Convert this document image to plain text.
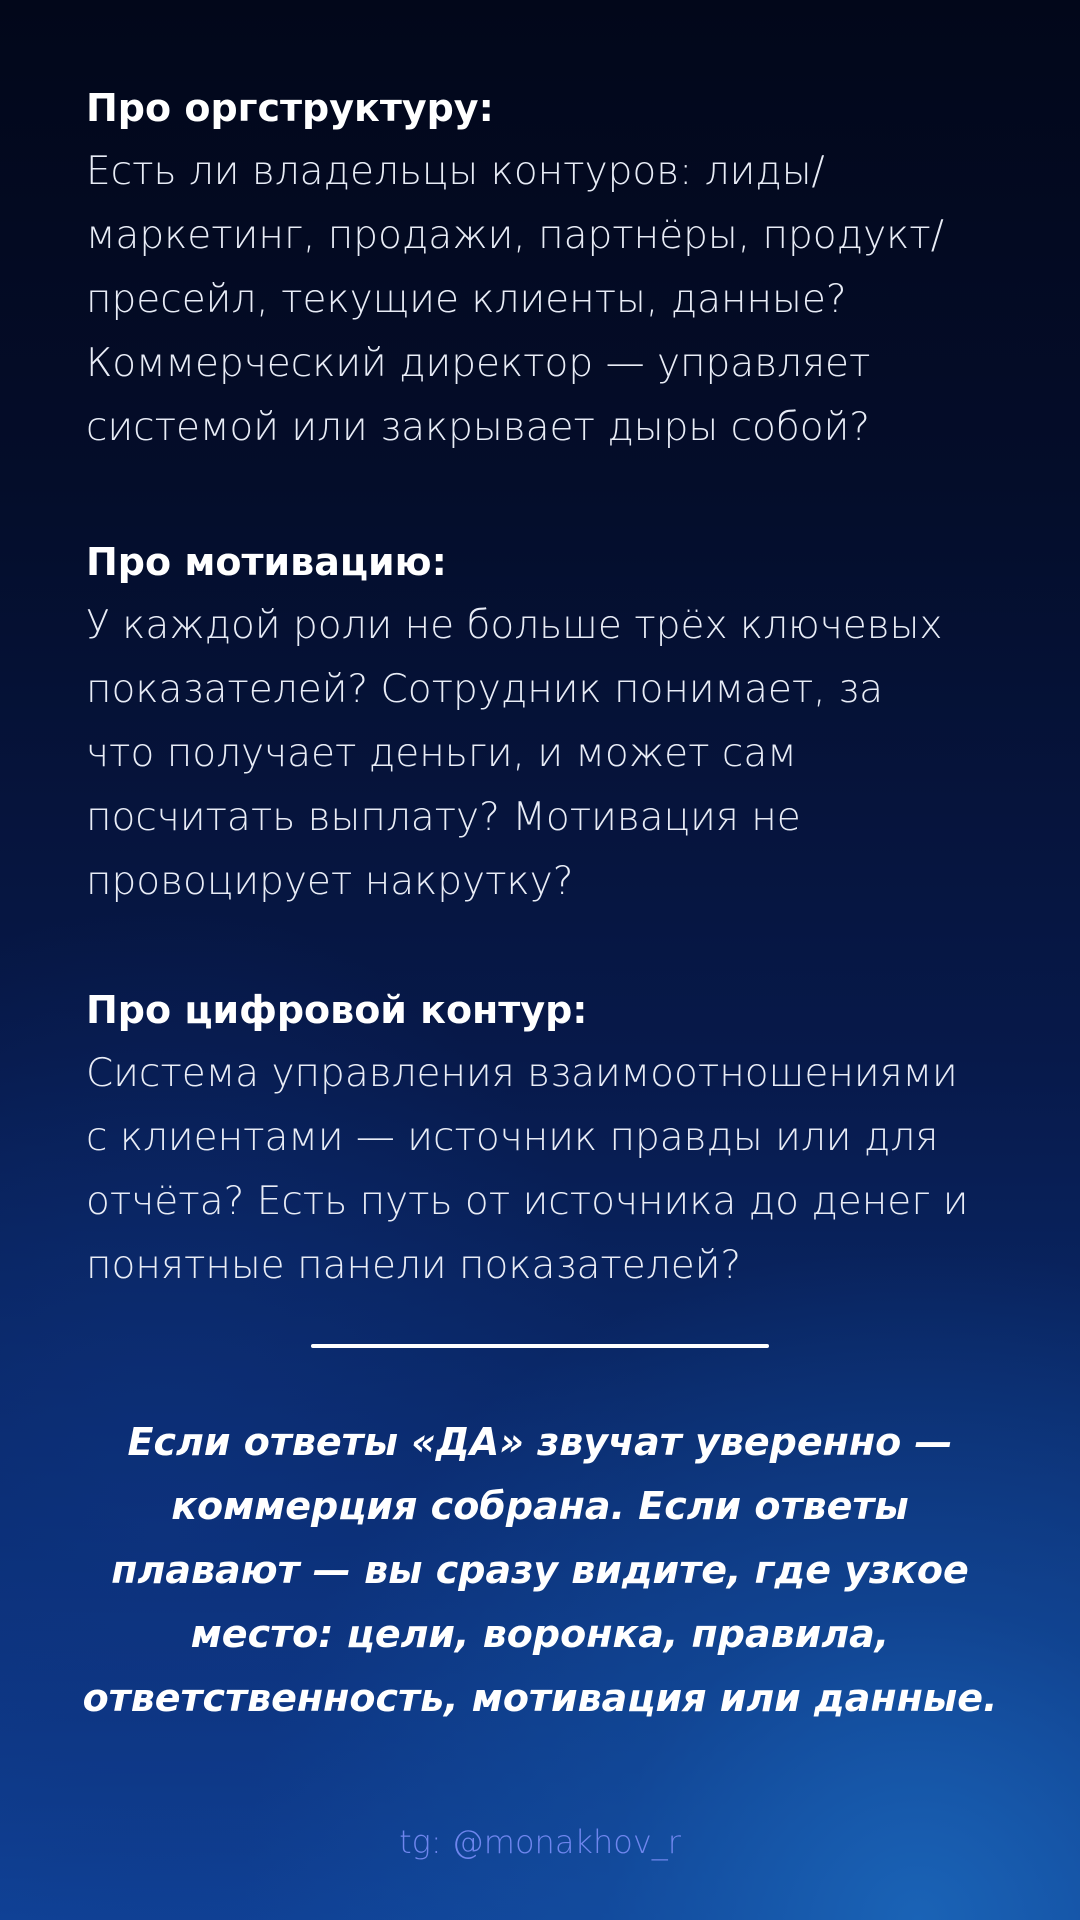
Про оргструктуру:
Есть ли владельцы контуров: лиды/
маркетинг, продажи, партнёры, продукт/
пресейл, текущие клиенты, данные?
Коммерческий директор — управляет
системой или закрывает дыры собой?
Про мотивацию:
У каждой роли не больше трёх ключевых
показателей? Сотрудник понимает, за
что получает деньги, и может сам
посчитать выплату? Мотивация не
провоцирует накрутку?
Про цифровой контур:
Система управления взаимоотношениями
с клиентами — источник правды или для
отчёта? Есть путь от источника до денег и
понятные панели показателей?
Если ответы «ДА» звучат уверенно —
коммерция собрана. Если ответы
плавают — вы сразу видите, где узкое
место: цели, воронка, правила,
ответственность, мотивация или данные.
tg: @monakhov_r
